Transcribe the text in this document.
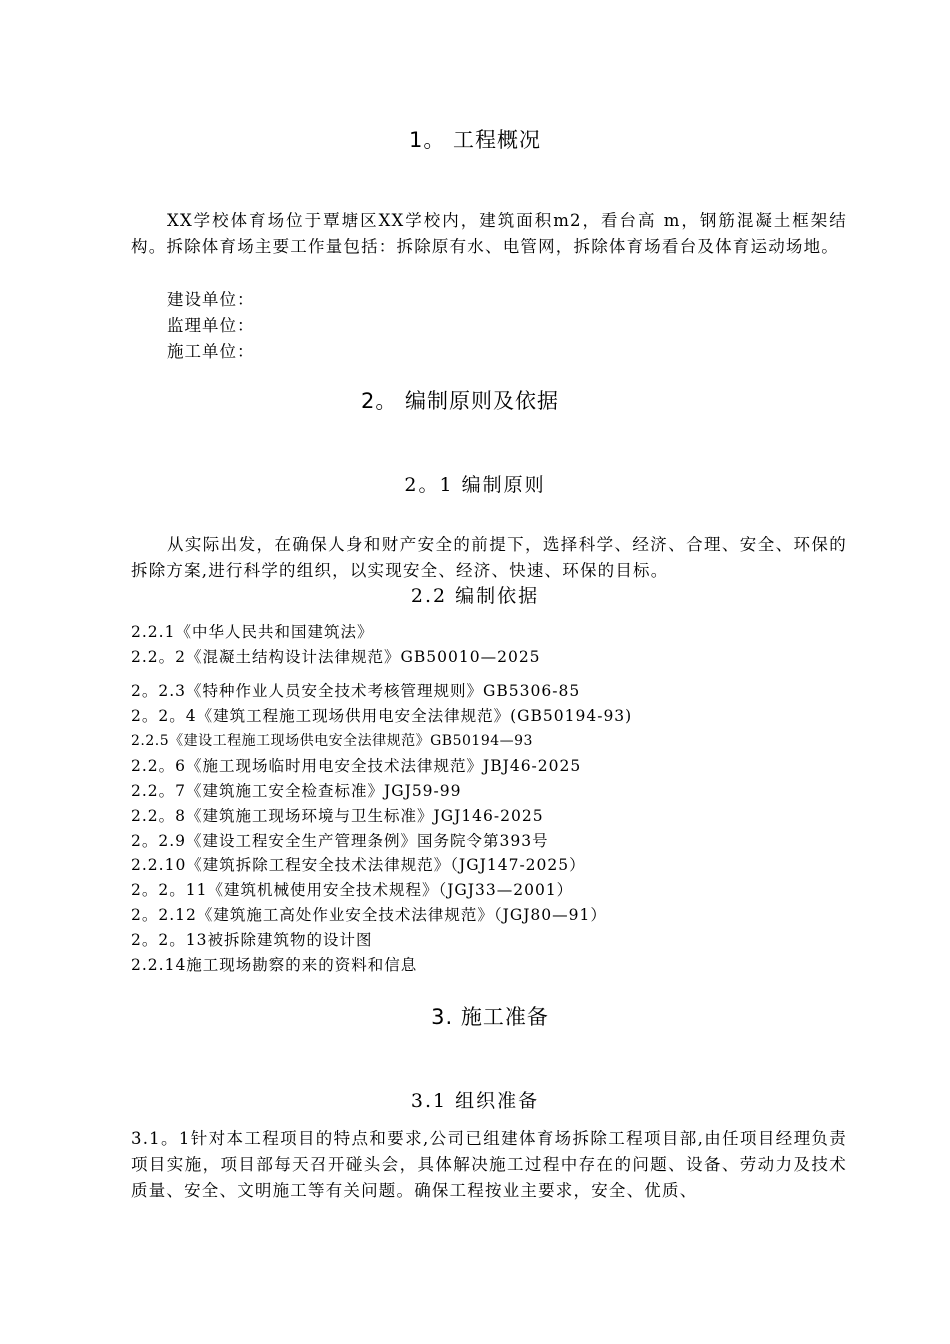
1。 工程概况
XX学校体育场位于覃塘区XX学校内，建筑面积m2，看台高 m，钢筋混凝土框架结构。拆除体育场主要工作量包括：拆除原有水、电管网，拆除体育场看台及体育运动场地。
建设单位：
监理单位：
施工单位：
2。 编制原则及依据
2。1 编制原则
从实际出发，在确保人身和财产安全的前提下，选择科学、经济、合理、安全、环保的拆除方案,进行科学的组织，以实现安全、经济、快速、环保的目标。
2.2 编制依据
2.2.1《中华人民共和国建筑法》
2.2。2《混凝土结构设计法律规范》GB50010—2025
2。2.3《特种作业人员安全技术考核管理规则》GB5306-85
2。2。4《建筑工程施工现场供用电安全法律规范》(GB50194-93)
2.2.5《建设工程施工现场供电安全法律规范》GB50194—93
2.2。6《施工现场临时用电安全技术法律规范》JBJ46-2025
2.2。7《建筑施工安全检查标准》JGJ59-99
2.2。8《建筑施工现场环境与卫生标准》JGJ146-2025
2。2.9《建设工程安全生产管理条例》国务院令第393号
2.2.10《建筑拆除工程安全技术法律规范》（JGJ147-2025）
2。2。11《建筑机械使用安全技术规程》（JGJ33—2001）
2。2.12《建筑施工高处作业安全技术法律规范》（JGJ80—91）
2。2。13被拆除建筑物的设计图
2.2.14施工现场勘察的来的资料和信息
3. 施工准备
3.1 组织准备
3.1。1针对本工程项目的特点和要求,公司已组建体育场拆除工程项目部,由任项目经理负责项目实施，项目部每天召开碰头会，具体解决施工过程中存在的问题、设备、劳动力及技术质量、安全、文明施工等有关问题。确保工程按业主要求，安全、优质、
